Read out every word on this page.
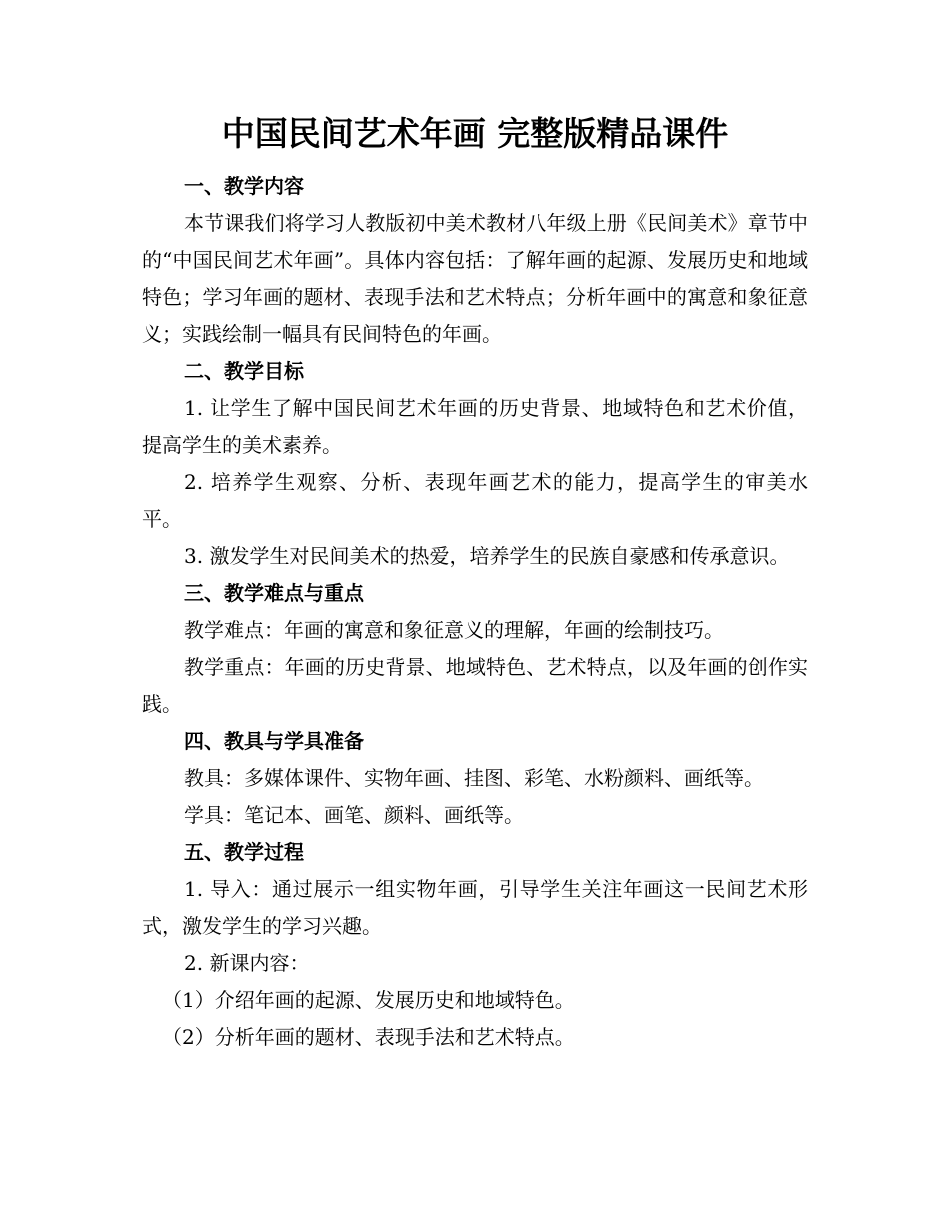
中国民间艺术年画 完整版精品课件

一、教学内容

本节课我们将学习人教版初中美术教材八年级上册《民间美术》章节中的“中国民间艺术年画”。具体内容包括：了解年画的起源、发展历史和地域特色；学习年画的题材、表现手法和艺术特点；分析年画中的寓意和象征意义；实践绘制一幅具有民间特色的年画。

二、教学目标

1. 让学生了解中国民间艺术年画的历史背景、地域特色和艺术价值，提高学生的美术素养。

2. 培养学生观察、分析、表现年画艺术的能力，提高学生的审美水平。

3. 激发学生对民间美术的热爱，培养学生的民族自豪感和传承意识。

三、教学难点与重点

教学难点：年画的寓意和象征意义的理解，年画的绘制技巧。

教学重点：年画的历史背景、地域特色、艺术特点，以及年画的创作实践。

四、教具与学具准备

教具：多媒体课件、实物年画、挂图、彩笔、水粉颜料、画纸等。

学具：笔记本、画笔、颜料、画纸等。

五、教学过程

1. 导入：通过展示一组实物年画，引导学生关注年画这一民间艺术形式，激发学生的学习兴趣。

2. 新课内容：

（1）介绍年画的起源、发展历史和地域特色。

（2）分析年画的题材、表现手法和艺术特点。
